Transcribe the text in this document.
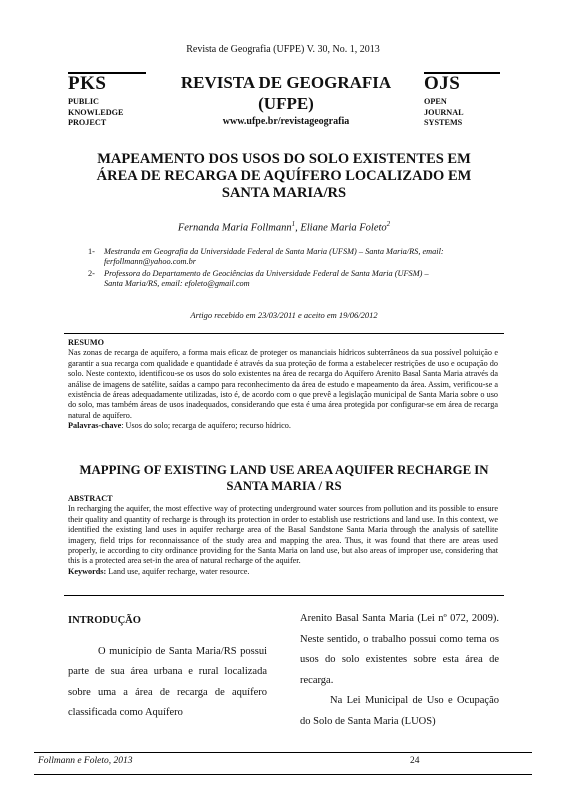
Revista de Geografia (UFPE) V. 30, No. 1, 2013
PKS
PUBLIC
KNOWLEDGE
PROJECT
REVISTA DE GEOGRAFIA
(UFPE)
www.ufpe.br/revistageografia
OJS
OPEN
JOURNAL
SYSTEMS
MAPEAMENTO DOS USOS DO SOLO EXISTENTES EM
ÁREA DE RECARGA DE AQUÍFERO LOCALIZADO EM
SANTA MARIA/RS
Fernanda Maria Follmann$^1$, Eliane Maria Foleto$^2$
1- Mestranda em Geografia da Universidade Federal de Santa Maria (UFSM) – Santa Maria/RS, email:
ferfollmann@yahoo.com.br
2- Professora do Departamento de Geociências da Universidade Federal de Santa Maria (UFSM) –
Santa Maria/RS, email: efoleto@gmail.com
Artigo recebido em 23/03/2011 e aceito em 19/06/2012
RESUMO

Nas zonas de recarga de aquífero, a forma mais eficaz de proteger os mananciais hídricos subterrâneos da sua possível poluição e garantir a sua recarga com qualidade e quantidade é através da sua proteção de forma a estabelecer restrições de uso e ocupação do solo. Neste contexto, identificou-se os usos do solo existentes na área de recarga do Aquífero Arenito Basal Santa Maria através da análise de imagens de satélite, saídas a campo para reconhecimento da área de estudo e mapeamento da área. Assim, verificou-se a existência de áreas adequadamente utilizadas, isto é, de acordo com o que prevê a legislação municipal de Santa Maria sobre o uso do solo, mas também áreas de usos inadequados, considerando que esta é uma área protegida por configurar-se em área de recarga natural de aquífero.

Palavras-chave: Usos do solo; recarga de aquífero; recurso hídrico.

MAPPING OF EXISTING LAND USE AREA AQUIFER RECHARGE IN
SANTA MARIA / RS
ABSTRACT

In recharging the aquifer, the most effective way of protecting underground water sources from pollution and its possible to ensure their quality and quantity of recharge is through its protection in order to establish use restrictions and land use. In this context, we identified the existing land uses in aquifer recharge area of the Basal Sandstone Santa Maria through the analysis of satellite imagery, field trips for reconnaissance of the study area and mapping the area. Thus, it was found that there are areas used properly, ie according to city ordinance providing for the Santa Maria on land use, but also areas of improper use, considering that this is a protected area set-in the area of natural recharge of the aquifer.

Keywords: Land use, aquifer recharge, water resource.

INTRODUÇÃO

O município de Santa Maria/RS possui parte de sua área urbana e rural localizada sobre uma a área de recarga de aquífero classificada como Aquífero

Arenito Basal Santa Maria (Lei nº 072, 2009). Neste sentido, o trabalho possui como tema os usos do solo existentes sobre esta área de recarga.

Na Lei Municipal de Uso e Ocupação do Solo de Santa Maria (LUOS)

Follmann e Foleto, 2013	24
